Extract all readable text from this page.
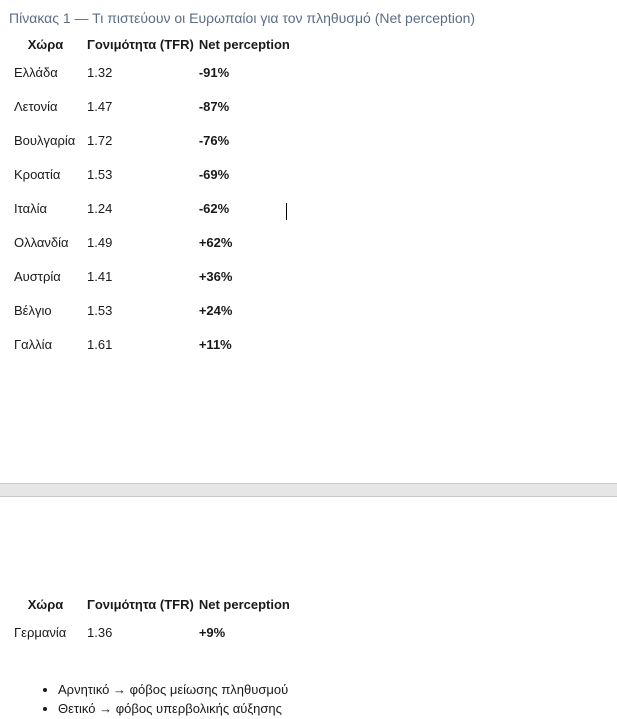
Πίνακας 1 — Τι πιστεύουν οι Ευρωπαίοι για τον πληθυσμό (Net perception)
Χώρα	Γονιμότητα (TFR)	Net perception
Ελλάδα	1.32	-91%
Λετονία	1.47	-87%
Βουλγαρία	1.72	-76%
Κροατία	1.53	-69%
Ιταλία	1.24	-62%
Ολλανδία	1.49	+62%
Αυστρία	1.41	+36%
Βέλγιο	1.53	+24%
Γαλλία	1.61	+11%
Χώρα	Γονιμότητα (TFR)	Net perception
Γερμανία	1.36	+9%
• Αρνητικό → φόβος μείωσης πληθυσμού
• Θετικό → φόβος υπερβολικής αύξησης
